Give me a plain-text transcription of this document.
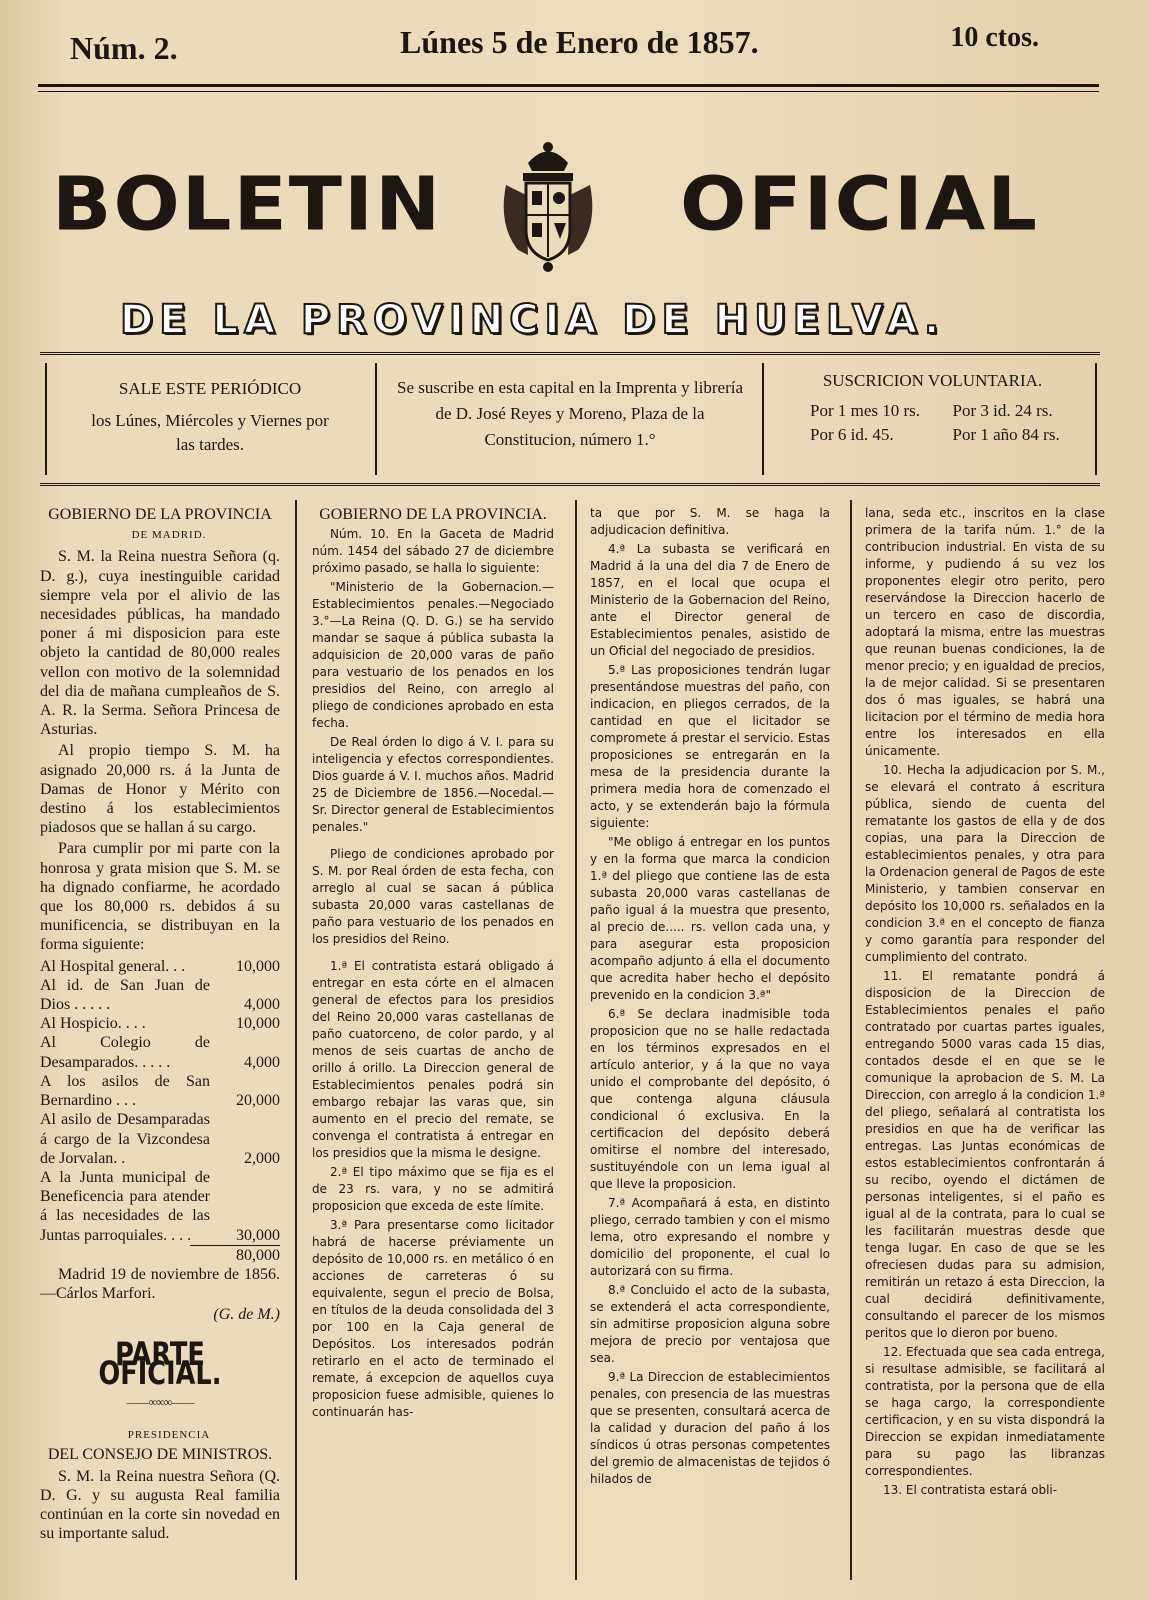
Núm. 2.	Lúnes 5 de Enero de 1857.	10 ctos.
BOLETIN	OFICIAL
DE LA PROVINCIA DE HUELVA.
SALE ESTE PERIÓDICO
los Lúnes, Miércoles y Viernes por las tardes.
Se suscribe en esta capital en la Imprenta y librería de D. José Reyes y Moreno, Plaza de la Constitucion, número 1.°
SUSCRICION VOLUNTARIA.
Por 1 mes 10 rs.	Por 3 id. 24 rs.
Por 6 id. 45.	Por 1 año 84 rs.

GOBIERNO DE LA PROVINCIA

DE MADRID.

S. M. la Reina nuestra Señora (q. D. g.), cuya inestinguible caridad siempre vela por el alivio de las necesidades públicas, ha mandado poner á mi disposicion para este objeto la cantidad de 80,000 reales vellon con motivo de la solemnidad del dia de mañana cumpleaños de S. A. R. la Serma. Señora Princesa de Asturias.

Al propio tiempo S. M. ha asignado 20,000 rs. á la Junta de Damas de Honor y Mérito con destino á los establecimientos piadosos que se hallan á su cargo.

Para cumplir por mi parte con la honrosa y grata mision que S. M. se ha dignado confiarme, he acordado que los 80,000 rs. debidos á su munificencia, se distribuyan en la forma siguiente:

Al Hospital general. . .	10,000
Al id. de San Juan de Dios . . . . .	4,000
Al Hospicio. . . .	10,000
Al Colegio de Desamparados. . . . .	4,000
A los asilos de San Bernardino . . .	20,000
Al asilo de Desamparadas á cargo de la Vizcondesa de Jorvalan. .	2,000
A la Junta municipal de Beneficencia para atender á las necesidades de las Juntas parroquiales. . . .	30,000
80,000

Madrid 19 de noviembre de 1856.—Cárlos Marfori.

(G. de M.)
PARTE OFICIAL.
——∞∞∞——

PRESIDENCIA

DEL CONSEJO DE MINISTROS.

S. M. la Reina nuestra Señora (Q. D. G. y su augusta Real familia continúan en la corte sin novedad en su importante salud.

GOBIERNO DE LA PROVINCIA.

Núm. 10. En la Gaceta de Madrid núm. 1454 del sábado 27 de diciembre próximo pasado, se halla lo siguiente:

"Ministerio de la Gobernacion.—Establecimientos penales.—Negociado 3.°—La Reina (Q. D. G.) se ha servido mandar se saque á pública subasta la adquisicion de 20,000 varas de paño para vestuario de los penados en los presidios del Reino, con arreglo al pliego de condiciones aprobado en esta fecha.

De Real órden lo digo á V. I. para su inteligencia y efectos correspondientes. Dios guarde á V. I. muchos años. Madrid 25 de Diciembre de 1856.—Nocedal.—Sr. Director general de Establecimientos penales."

Pliego de condiciones aprobado por S. M. por Real órden de esta fecha, con arreglo al cual se sacan á pública subasta 20,000 varas castellanas de paño para vestuario de los penados en los presidios del Reino.

1.ª El contratista estará obligado á entregar en esta córte en el almacen general de efectos para los presidios del Reino 20,000 varas castellanas de paño cuatorceno, de color pardo, y al menos de seis cuartas de ancho de orillo á orillo. La Direccion general de Establecimientos penales podrá sin embargo rebajar las varas que, sin aumento en el precio del remate, se convenga el contratista á entregar en los presidios que la misma le designe.

2.ª El tipo máximo que se fija es el de 23 rs. vara, y no se admitirá proposicion que exceda de este límite.

3.ª Para presentarse como licitador habrá de hacerse préviamente un depósito de 10,000 rs. en metálico ó en acciones de carreteras ó su equivalente, segun el precio de Bolsa, en títulos de la deuda consolidada del 3 por 100 en la Caja general de Depósitos. Los interesados podrán retirarlo en el acto de terminado el remate, á excepcion de aquellos cuya proposicion fuese admisible, quienes lo continuarán has-

ta que por S. M. se haga la adjudicacion definitiva.

4.ª La subasta se verificará en Madrid á la una del dia 7 de Enero de 1857, en el local que ocupa el Ministerio de la Gobernacion del Reino, ante el Director general de Establecimientos penales, asistido de un Oficial del negociado de presidios.

5.ª Las proposiciones tendrán lugar presentándose muestras del paño, con indicacion, en pliegos cerrados, de la cantidad en que el licitador se compromete á prestar el servicio. Estas proposiciones se entregarán en la mesa de la presidencia durante la primera media hora de comenzado el acto, y se extenderán bajo la fórmula siguiente:

"Me obligo á entregar en los puntos y en la forma que marca la condicion 1.ª del pliego que contiene las de esta subasta 20,000 varas castellanas de paño igual á la muestra que presento, al precio de..... rs. vellon cada una, y para asegurar esta proposicion acompaño adjunto á ella el documento que acredita haber hecho el depósito prevenido en la condicion 3.ª"

6.ª Se declara inadmisible toda proposicion que no se halle redactada en los términos expresados en el artículo anterior, y á la que no vaya unido el comprobante del depósito, ó que contenga alguna cláusula condicional ó exclusiva. En la certificacion del depósito deberá omitirse el nombre del interesado, sustituyéndole con un lema igual al que lleve la proposicion.

7.ª Acompañará á esta, en distinto pliego, cerrado tambien y con el mismo lema, otro expresando el nombre y domicilio del proponente, el cual lo autorizará con su firma.

8.ª Concluido el acto de la subasta, se extenderá el acta correspondiente, sin admitirse proposicion alguna sobre mejora de precio por ventajosa que sea.

9.ª La Direccion de establecimientos penales, con presencia de las muestras que se presenten, consultará acerca de la calidad y duracion del paño á los síndicos ú otras personas competentes del gremio de almacenistas de tejidos ó hilados de

lana, seda etc., inscritos en la clase primera de la tarifa núm. 1.° de la contribucion industrial. En vista de su informe, y pudiendo á su vez los proponentes elegir otro perito, pero reservándose la Direccion hacerlo de un tercero en caso de discordia, adoptará la misma, entre las muestras que reunan buenas condiciones, la de menor precio; y en igualdad de precios, la de mejor calidad. Si se presentaren dos ó mas iguales, se habrá una licitacion por el término de media hora entre los interesados en ella únicamente.

10. Hecha la adjudicacion por S. M., se elevará el contrato á escritura pública, siendo de cuenta del rematante los gastos de ella y de dos copias, una para la Direccion de establecimientos penales, y otra para la Ordenacion general de Pagos de este Ministerio, y tambien conservar en depósito los 10,000 rs. señalados en la condicion 3.ª en el concepto de fianza y como garantía para responder del cumplimiento del contrato.

11. El rematante pondrá á disposicion de la Direccion de Establecimientos penales el paño contratado por cuartas partes iguales, entregando 5000 varas cada 15 dias, contados desde el en que se le comunique la aprobacion de S. M. La Direccion, con arreglo á la condicion 1.ª del pliego, señalará al contratista los presidios en que ha de verificar las entregas. Las Juntas económicas de estos establecimientos confrontarán á su recibo, oyendo el dictámen de personas inteligentes, si el paño es igual al de la contrata, para lo cual se les facilitarán muestras desde que tenga lugar. En caso de que se les ofreciesen dudas para su admision, remitirán un retazo á esta Direccion, la cual decidirá definitivamente, consultando el parecer de los mismos peritos que lo dieron por bueno.

12. Efectuada que sea cada entrega, si resultase admisible, se facilitará al contratista, por la persona que de ella se haga cargo, la correspondiente certificacion, y en su vista dispondrá la Direccion se expidan inmediatamente para su pago las libranzas correspondientes.

13. El contratista estará obli-
